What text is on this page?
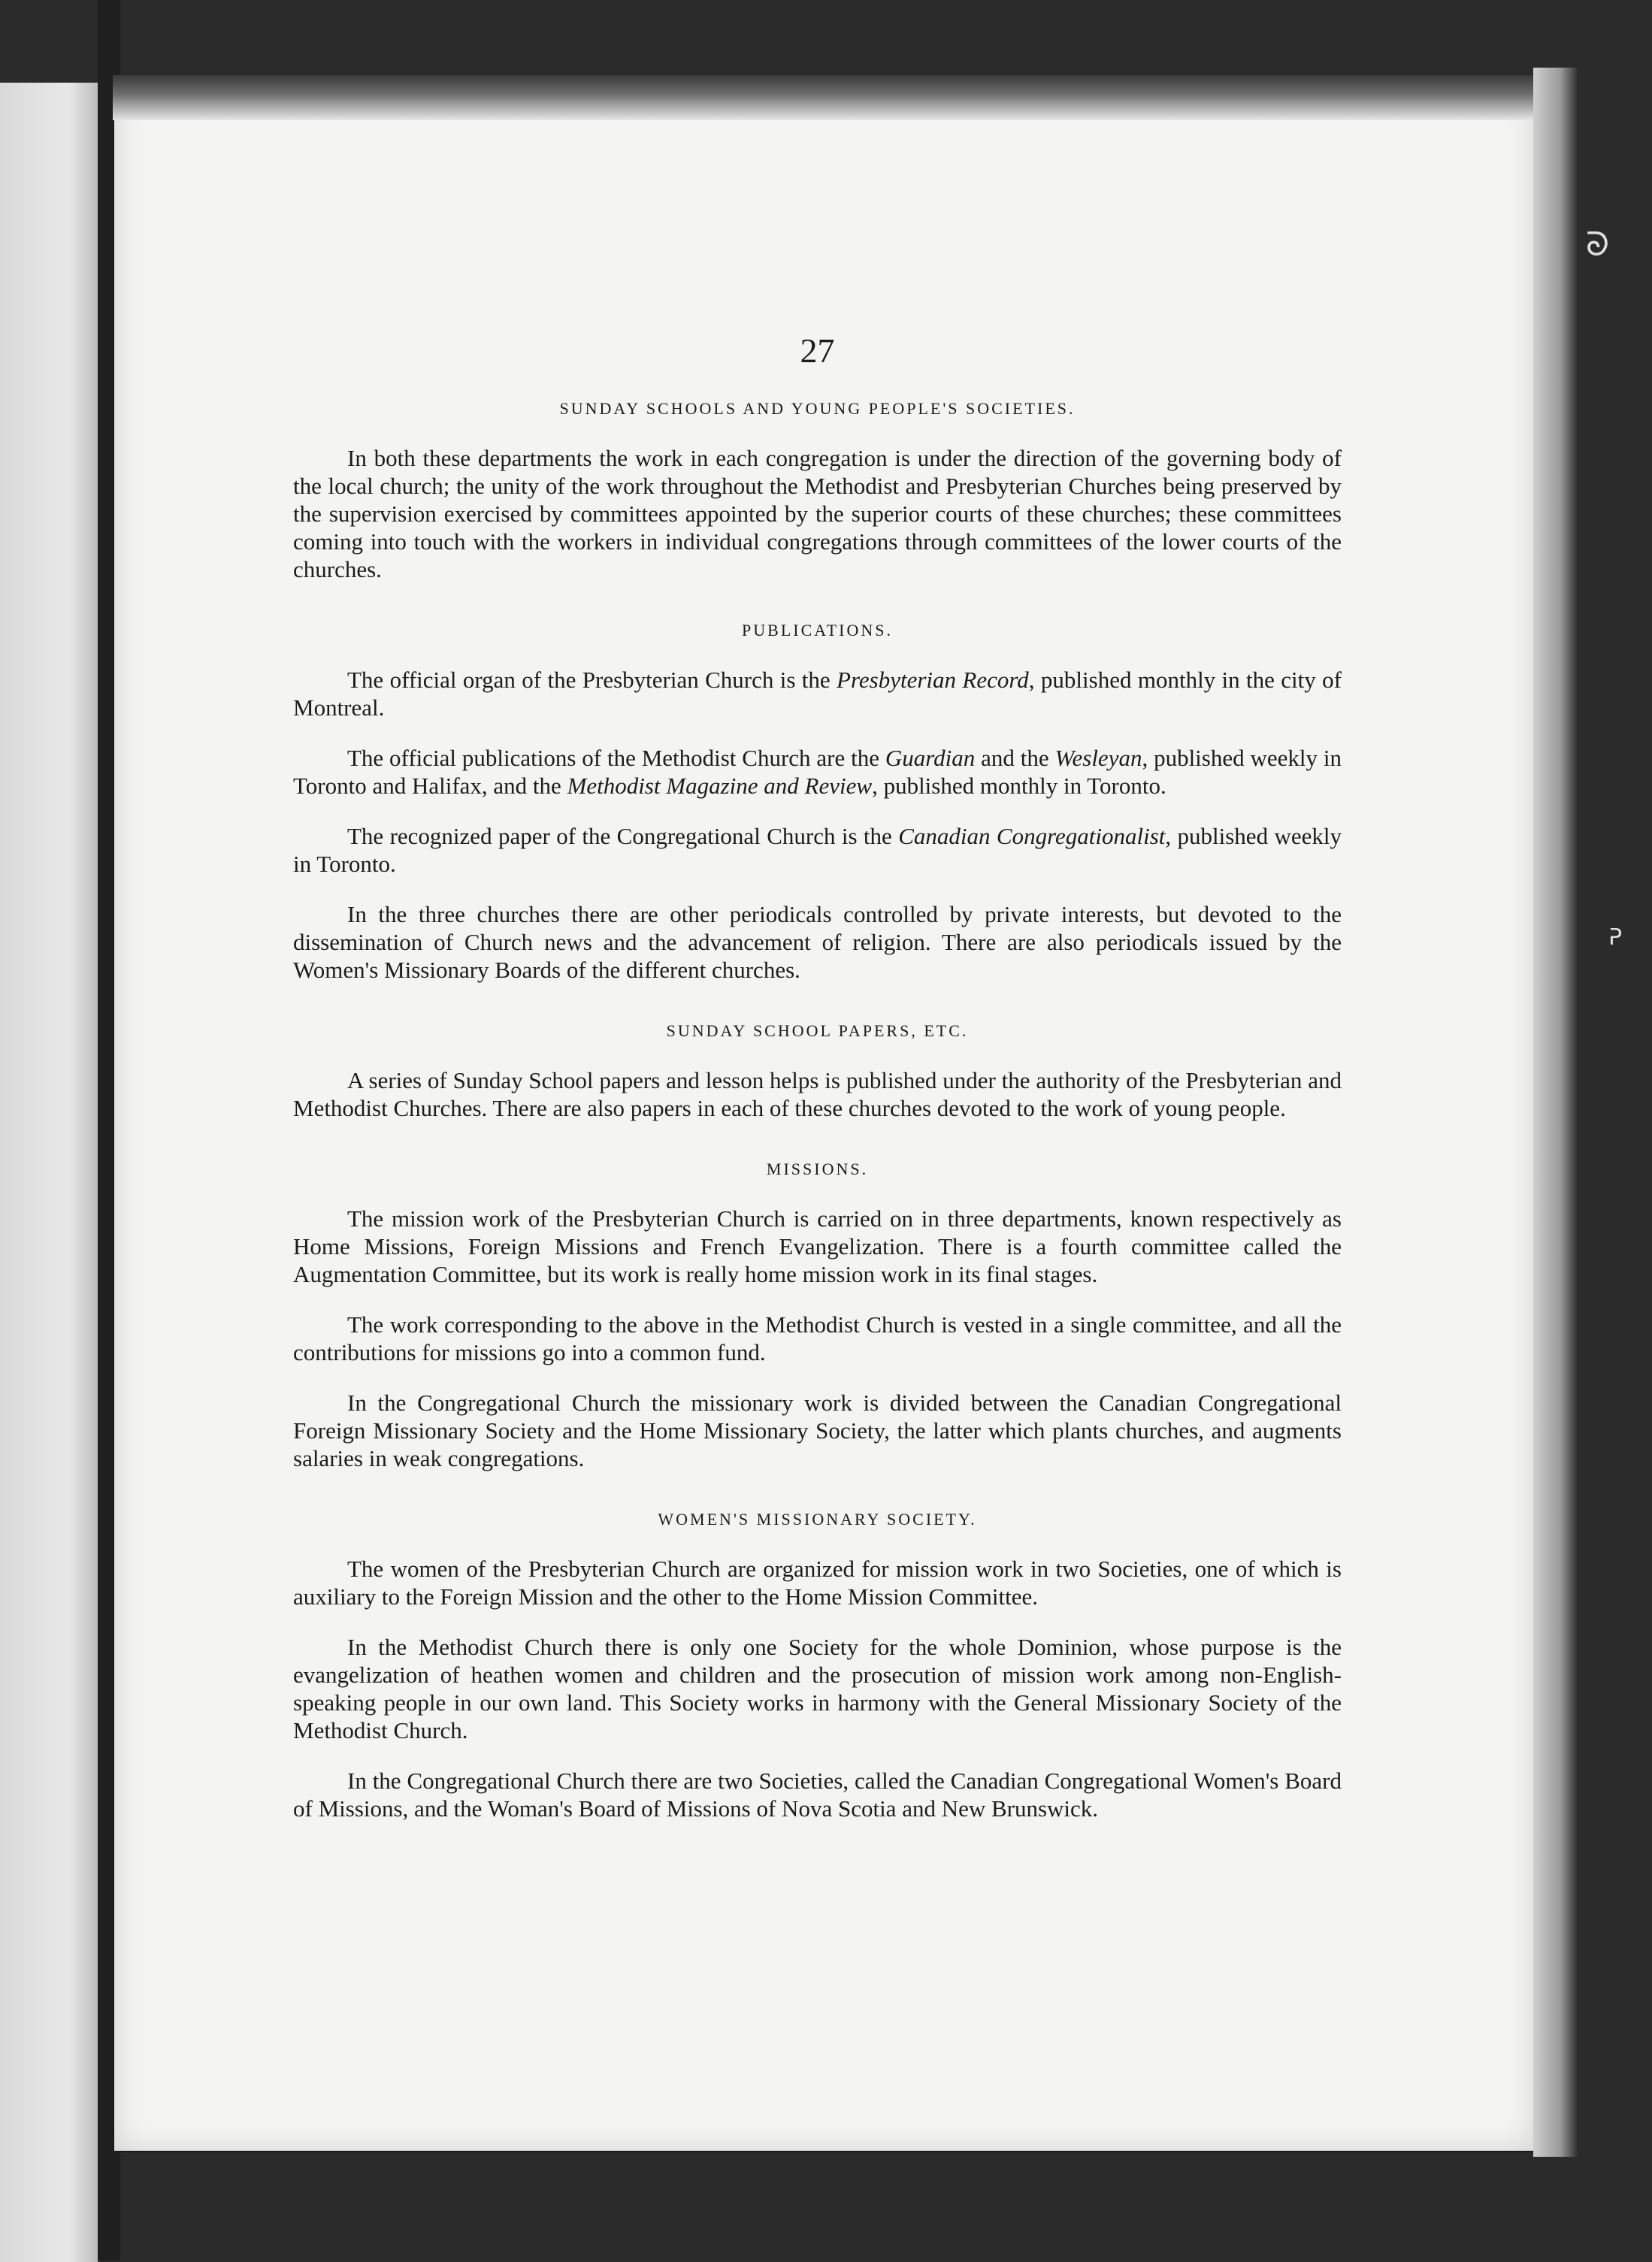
ᘐ
ᕈ
27
SUNDAY SCHOOLS AND YOUNG PEOPLE'S SOCIETIES.

In both these departments the work in each congregation is under the direction of the governing body of the local church; the unity of the work throughout the Methodist and Presbyterian Churches being preserved by the supervision exercised by committees appointed by the superior courts of these churches; these committees coming into touch with the workers in individual congregations through committees of the lower courts of the churches.

PUBLICATIONS.

The official organ of the Presbyterian Church is the Presbyterian Record, published monthly in the city of Montreal.

The official publications of the Methodist Church are the Guardian and the Wesleyan, published weekly in Toronto and Halifax, and the Methodist Magazine and Review, published monthly in Toronto.

The recognized paper of the Congregational Church is the Canadian Congregationalist, published weekly in Toronto.

In the three churches there are other periodicals controlled by private interests, but devoted to the dissemination of Church news and the advancement of religion. There are also periodicals issued by the Women's Missionary Boards of the different churches.

SUNDAY SCHOOL PAPERS, ETC.

A series of Sunday School papers and lesson helps is published under the authority of the Presbyterian and Methodist Churches. There are also papers in each of these churches devoted to the work of young people.

MISSIONS.

The mission work of the Presbyterian Church is carried on in three departments, known respectively as Home Missions, Foreign Missions and French Evangelization. There is a fourth committee called the Augmentation Committee, but its work is really home mission work in its final stages.

The work corresponding to the above in the Methodist Church is vested in a single committee, and all the contributions for missions go into a common fund.

In the Congregational Church the missionary work is divided between the Canadian Congregational Foreign Missionary Society and the Home Missionary Society, the latter which plants churches, and augments salaries in weak congregations.

WOMEN'S MISSIONARY SOCIETY.

The women of the Presbyterian Church are organized for mission work in two Societies, one of which is auxiliary to the Foreign Mission and the other to the Home Mission Committee.

In the Methodist Church there is only one Society for the whole Dominion, whose purpose is the evangelization of heathen women and children and the prosecution of mission work among non-English-speaking people in our own land. This Society works in harmony with the General Missionary Society of the Methodist Church.

In the Congregational Church there are two Societies, called the Canadian Congregational Women's Board of Missions, and the Woman's Board of Missions of Nova Scotia and New Brunswick.
